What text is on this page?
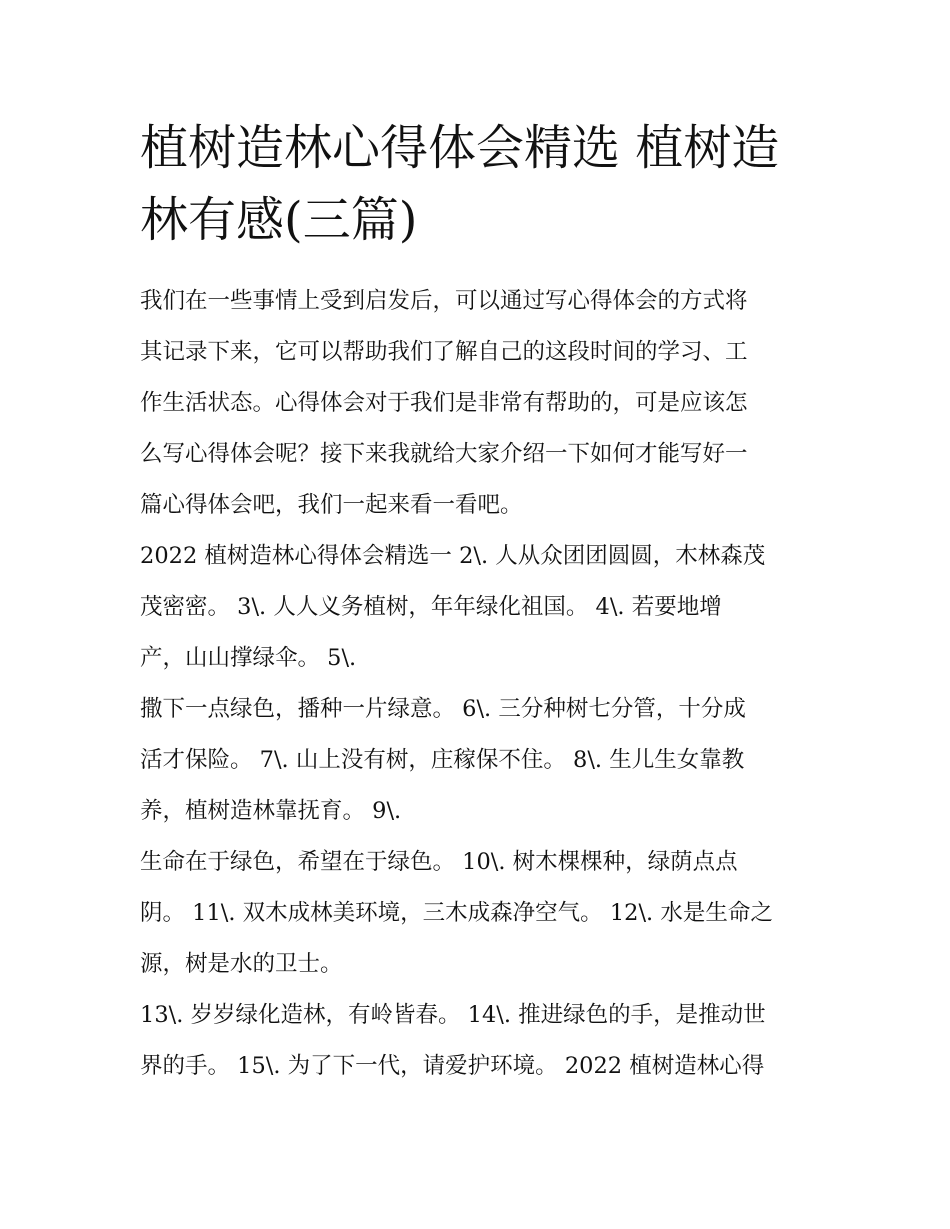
植树造林心得体会精选 植树造
林有感(三篇)
我们在一些事情上受到启发后，可以通过写心得体会的方式将
其记录下来，它可以帮助我们了解自己的这段时间的学习、工
作生活状态。心得体会对于我们是非常有帮助的，可是应该怎
么写心得体会呢？接下来我就给大家介绍一下如何才能写好一
篇心得体会吧，我们一起来看一看吧。
2022 植树造林心得体会精选一 2\. 人从众团团圆圆，木林森茂
茂密密。 3\. 人人义务植树，年年绿化祖国。 4\. 若要地增
产，山山撑绿伞。 5\.
撒下一点绿色，播种一片绿意。 6\. 三分种树七分管，十分成
活才保险。 7\. 山上没有树，庄稼保不住。 8\. 生儿生女靠教
养，植树造林靠抚育。 9\.
生命在于绿色，希望在于绿色。 10\. 树木棵棵种，绿荫点点
阴。 11\. 双木成林美环境，三木成森净空气。 12\. 水是生命之
源，树是水的卫士。
13\. 岁岁绿化造林，有岭皆春。 14\. 推进绿色的手，是推动世
界的手。 15\. 为了下一代，请爱护环境。 2022 植树造林心得
